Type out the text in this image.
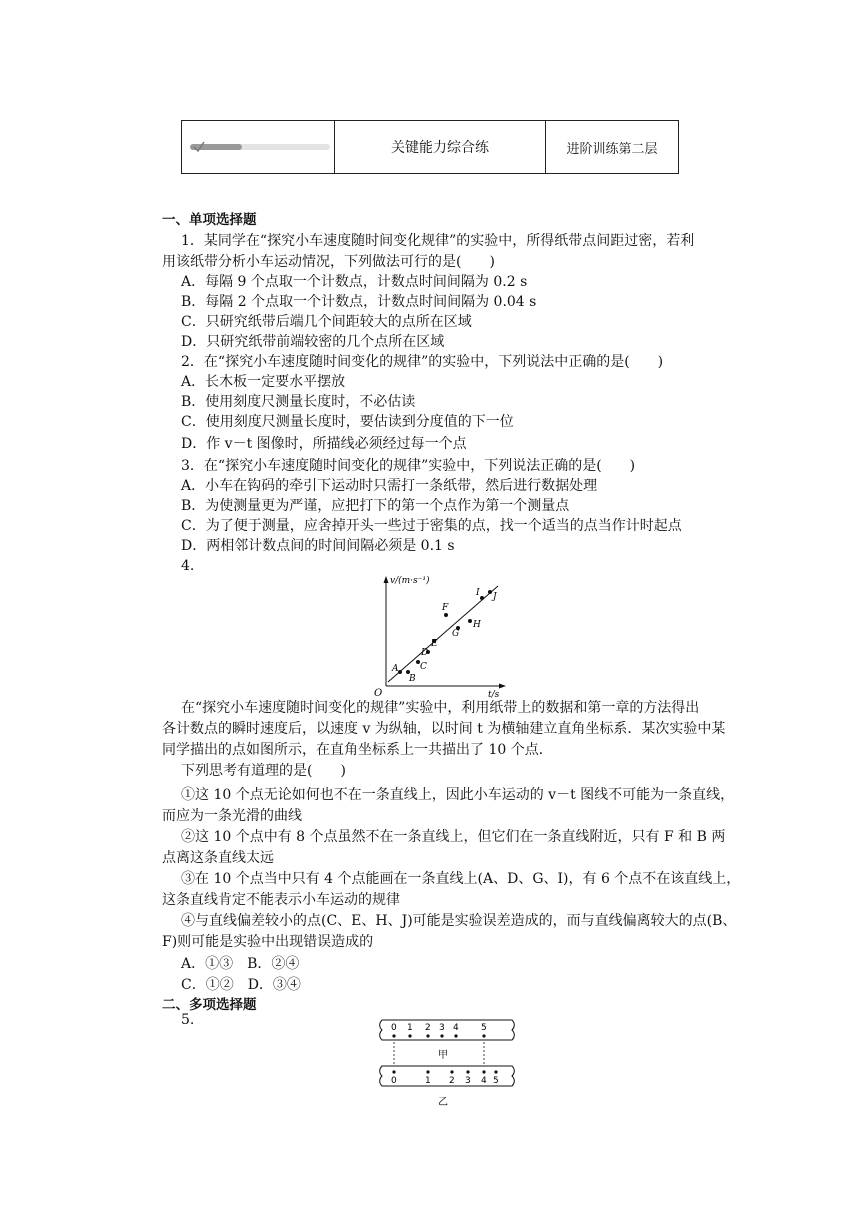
关键能力综合练	进阶训练第二层
一、单项选择题
1．某同学在“探究小车速度随时间变化规律”的实验中，所得纸带点间距过密，若利
用该纸带分析小车运动情况，下列做法可行的是(　　)
A．每隔 9 个点取一个计数点，计数点时间间隔为 0.2 s
B．每隔 2 个点取一个计数点，计数点时间间隔为 0.04 s
C．只研究纸带后端几个间距较大的点所在区域
D．只研究纸带前端较密的几个点所在区域
2．在“探究小车速度随时间变化的规律”的实验中，下列说法中正确的是(　　)
A．长木板一定要水平摆放
B．使用刻度尺测量长度时，不必估读
C．使用刻度尺测量长度时，要估读到分度值的下一位
D．作 v－t 图像时，所描线必须经过每一个点
3．在“探究小车速度随时间变化的规律”实验中，下列说法正确的是(　　)
A．小车在钩码的牵引下运动时只需打一条纸带，然后进行数据处理
B．为使测量更为严谨，应把打下的第一个点作为第一个测量点
C．为了便于测量，应舍掉开头一些过于密集的点，找一个适当的点当作计时起点
D．两相邻计数点间的时间间隔必须是 0.1 s
4.
v/(m·s⁻¹)
t/s
O
A
B
C
D
E
F
G
H
I J
在“探究小车速度随时间变化的规律”实验中，利用纸带上的数据和第一章的方法得出
各计数点的瞬时速度后，以速度 v 为纵轴，以时间 t 为横轴建立直角坐标系．某次实验中某
同学描出的点如图所示，在直角坐标系上一共描出了 10 个点．
下列思考有道理的是(　　)
①这 10 个点无论如何也不在一条直线上，因此小车运动的 v－t 图线不可能为一条直线，
而应为一条光滑的曲线
②这 10 个点中有 8 个点虽然不在一条直线上，但它们在一条直线附近，只有 F 和 B 两
点离这条直线太远
③在 10 个点当中只有 4 个点能画在一条直线上(A、D、G、I)，有 6 个点不在该直线上，
这条直线肯定不能表示小车运动的规律
④与直线偏差较小的点(C、E、H、J)可能是实验误差造成的，而与直线偏离较大的点(B、
F)则可能是实验中出现错误造成的
A．①③　B．②④
C．①②　D．③④
二、多项选择题
5.
甲
乙
0 1 2 3 4 5
0	1 2 3 4 5
